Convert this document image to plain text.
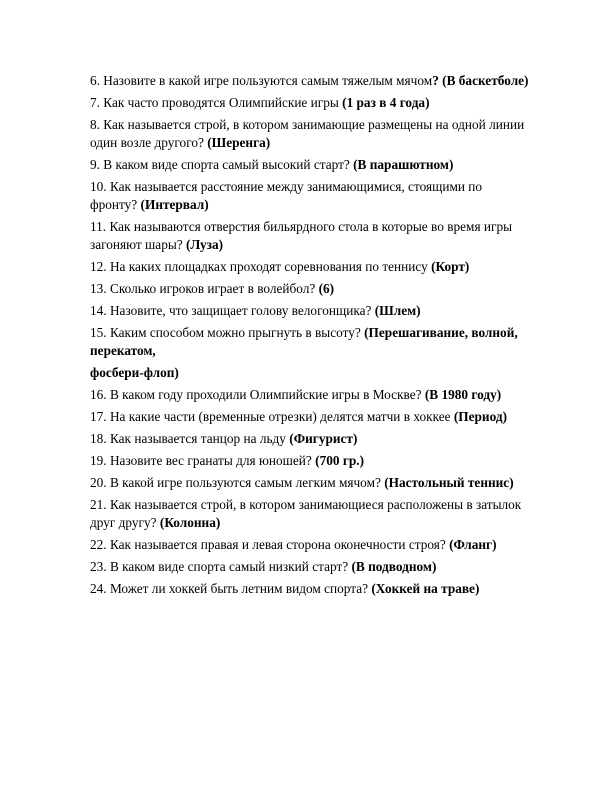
6. Назовите в какой игре пользуются самым тяжелым мячом? (В баскетболе)

7. Как часто проводятся Олимпийские игры (1 раз в 4 года)

8. Как называется строй, в котором занимающие размещены на одной линии один возле другого? (Шеренга)

9. В каком виде спорта самый высокий старт? (В парашютном)

10. Как называется расстояние между занимающимися, стоящими по фронту? (Интервал)

11. Как называются отверстия бильярдного стола в которые во время игры загоняют шары? (Луза)

12. На каких площадках проходят соревнования по теннису (Корт)

13. Сколько игроков играет в волейбол? (6)

14. Назовите, что защищает голову велогонщика? (Шлем)

15. Каким способом можно прыгнуть в высоту? (Перешагивание, волной, перекатом,

фосбери-флоп)

16. В каком году проходили Олимпийские игры в Москве? (В 1980 году)

17. На какие части (временные отрезки) делятся матчи в хоккее (Период)

18. Как называется танцор на льду (Фигурист)

19. Назовите вес гранаты для юношей? (700 гр.)

20. В какой игре пользуются самым легким мячом? (Настольный теннис)

21. Как называется строй, в котором занимающиеся расположены в затылок друг другу? (Колонна)

22. Как называется правая и левая сторона оконечности строя? (Фланг)

23. В каком виде спорта самый низкий старт? (В подводном)

24. Может ли хоккей быть летним видом спорта? (Хоккей на траве)
